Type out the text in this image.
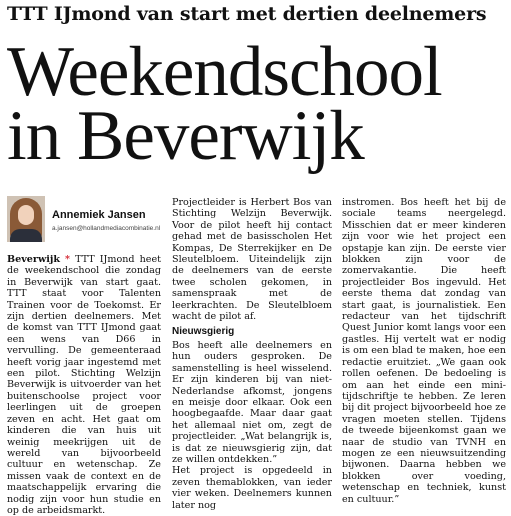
TTT IJmond van start met dertien deelnemers
Weekendschool
in Beverwijk
Annemiek Jansen
a.jansen@hollandmediacombinatie.nl

Beverwijk * TTT IJmond heet de weekendschool die zondag in Beverwijk van start gaat. TTT staat voor Talenten Trainen voor de Toekomst. Er zijn dertien deelnemers. Met de komst van TTT IJmond gaat een wens van D66 in vervulling. De gemeenteraad heeft vorig jaar ingestemd met een pilot. Stichting Welzijn Beverwijk is uitvoerder van het buitenschoolse project voor leerlingen uit de groepen zeven en acht. Het gaat om kinderen die van huis uit weinig meekrijgen uit de wereld van bijvoorbeeld cultuur en wetenschap. Ze missen vaak de context en de maatschappelijk ervaring die nodig zijn voor hun studie en op de arbeidsmarkt.

Projectleider is Herbert Bos van Stichting Welzijn Beverwijk. Voor de pilot heeft hij contact gehad met de basisscholen Het Kompas, De Sterrekijker en De Sleutelbloem. Uiteindelijk zijn de deelnemers van de eerste twee scholen gekomen, in samenspraak met de leerkrachten. De Sleutelbloem wacht de pilot af.

Nieuwsgierig

Bos heeft alle deelnemers en hun ouders gesproken. De samenstelling is heel wisselend. Er zijn kinderen bij van niet-Nederlandse afkomst, jongens en meisje door elkaar. Ook een hoogbegaafde. Maar daar gaat het allemaal niet om, zegt de projectleider. „Wat belangrijk is, is dat ze nieuwsgierig zijn, dat ze willen ontdekken.”

Het project is opgedeeld in zeven themablokken, van ieder vier weken. Deelnemers kunnen later nog

instromen. Bos heeft het bij de sociale teams neergelegd. Misschien dat er meer kinderen zijn voor wie het project een opstapje kan zijn. De eerste vier blokken zijn voor de zomervakantie. Die heeft projectleider Bos ingevuld. Het eerste thema dat zondag van start gaat, is journalistiek. Een redacteur van het tijdschrift Quest Junior komt langs voor een gastles. Hij vertelt wat er nodig is om een blad te maken, hoe een redactie eruitziet. „We gaan ook rollen oefenen. De bedoeling is om aan het einde een mini-tijdschriftje te hebben. Ze leren bij dit project bijvoorbeeld hoe ze vragen moeten stellen. Tijdens de tweede bijeenkomst gaan we naar de studio van TVNH en mogen ze een nieuwsuitzending bijwonen. Daarna hebben we blokken over voeding, wetenschap en techniek, kunst en cultuur.”
